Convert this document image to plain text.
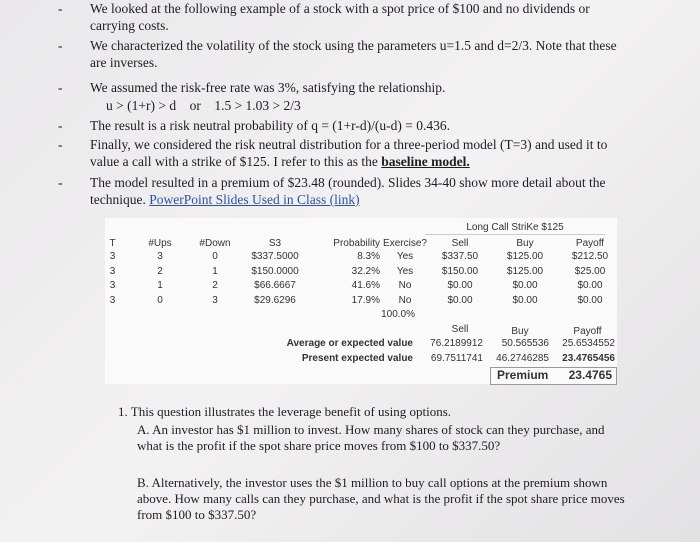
- We looked at the following example of a stock with a spot price of $100 and no dividends or carrying costs.
- We characterized the volatility of the stock using the parameters u=1.5 and d=2/3. Note that these are inverses.
- We assumed the risk-free rate was 3%, satisfying the relationship.
u > (1+r) > d    or    1.5 > 1.03 > 2/3
- The result is a risk neutral probability of q = (1+r-d)/(u-d) = 0.436.
- Finally, we considered the risk neutral distribution for a three-period model (T=3) and used it to value a call with a strike of $125. I refer to this as the baseline model.
- The model resulted in a premium of $23.48 (rounded). Slides 34-40 show more detail about the technique. PowerPoint Slides Used in Class (link)
Long Call StriKe $125
T	#Ups	#Down	S3	Probability Exercise?	Sell	Buy	Payoff
3	3	0	$337.5000	8.3%	Yes	$337.50	$125.00	$212.50
3	2	1	$150.0000	32.2%	Yes	$150.00	$125.00	$25.00
3	1	2	$66.6667	41.6%	No	$0.00	$0.00	$0.00
3	0	3	$29.6296	17.9%	No	$0.00	$0.00	$0.00
100.0%
Sell	Buy	Payoff
Average or expected value	76.2189912	50.565536	25.6534552
Present expected value	69.7511741	46.2746285	23.4765456
Premium 23.4765
1. This question illustrates the leverage benefit of using options.
A. An investor has $1 million to invest. How many shares of stock can they purchase, and what is the profit if the spot share price moves from $100 to $337.50?
B. Alternatively, the investor uses the $1 million to buy call options at the premium shown above. How many calls can they purchase, and what is the profit if the spot share price moves from $100 to $337.50?
